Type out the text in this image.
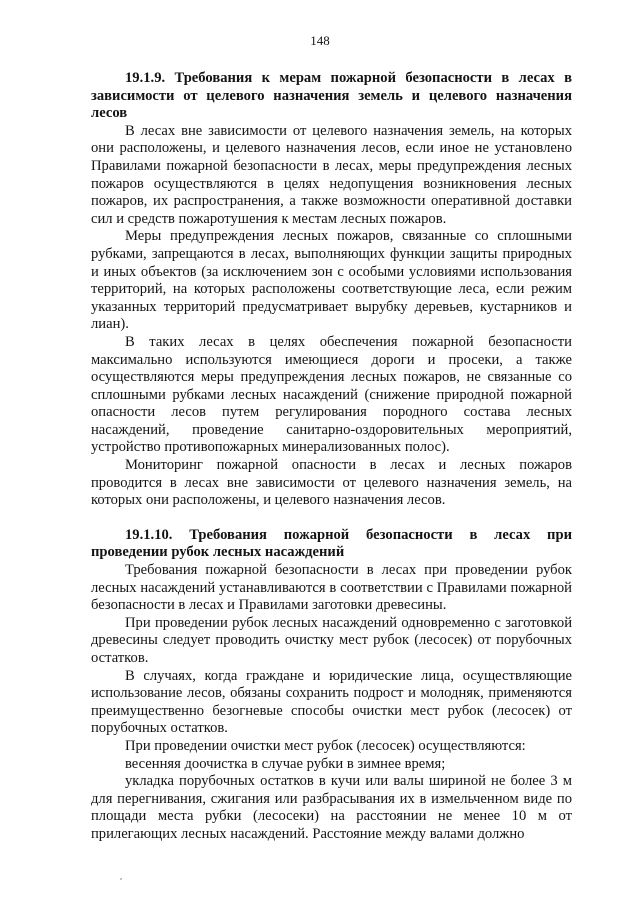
148

19.1.9. Требования к мерам пожарной безопасности в лесах в зависимости от целевого назначения земель и целевого назначения лесов

В лесах вне зависимости от целевого назначения земель, на которых они расположены, и целевого назначения лесов, если иное не установлено Правилами пожарной безопасности в лесах, меры предупреждения лесных пожаров осуществляются в целях недопущения возникновения лесных пожаров, их распространения, а также возможности оперативной доставки сил и средств пожаротушения к местам лесных пожаров.

Меры предупреждения лесных пожаров, связанные со сплошными рубками, запрещаются в лесах, выполняющих функции защиты природных и иных объектов (за исключением зон с особыми условиями использования территорий, на которых расположены соответствующие леса, если режим указанных территорий предусматривает вырубку деревьев, кустарников и лиан).

В таких лесах в целях обеспечения пожарной безопасности максимально используются имеющиеся дороги и просеки, а также осуществляются меры предупреждения лесных пожаров, не связанные со сплошными рубками лесных насаждений (снижение природной пожарной опасности лесов путем регулирования породного состава лесных насаждений, проведение санитарно-оздоровительных мероприятий, устройство противопожарных минерализованных полос).

Мониторинг пожарной опасности в лесах и лесных пожаров проводится в лесах вне зависимости от целевого назначения земель, на которых они расположены, и целевого назначения лесов.

19.1.10. Требования пожарной безопасности в лесах при проведении рубок лесных насаждений

Требования пожарной безопасности в лесах при проведении рубок лесных насаждений устанавливаются в соответствии с Правилами пожарной безопасности в лесах и Правилами заготовки древесины.

При проведении рубок лесных насаждений одновременно с заготовкой древесины следует проводить очистку мест рубок (лесосек) от порубочных остатков.

В случаях, когда граждане и юридические лица, осуществляющие использование лесов, обязаны сохранить подрост и молодняк, применяются преимущественно безогневые способы очистки мест рубок (лесосек) от порубочных остатков.

При проведении очистки мест рубок (лесосек) осуществляются:

весенняя доочистка в случае рубки в зимнее время;

укладка порубочных остатков в кучи или валы шириной не более 3 м для перегнивания, сжигания или разбрасывания их в измельченном виде по площади места рубки (лесосеки) на расстоянии не менее 10 м от прилегающих лесных насаждений. Расстояние между валами должно
